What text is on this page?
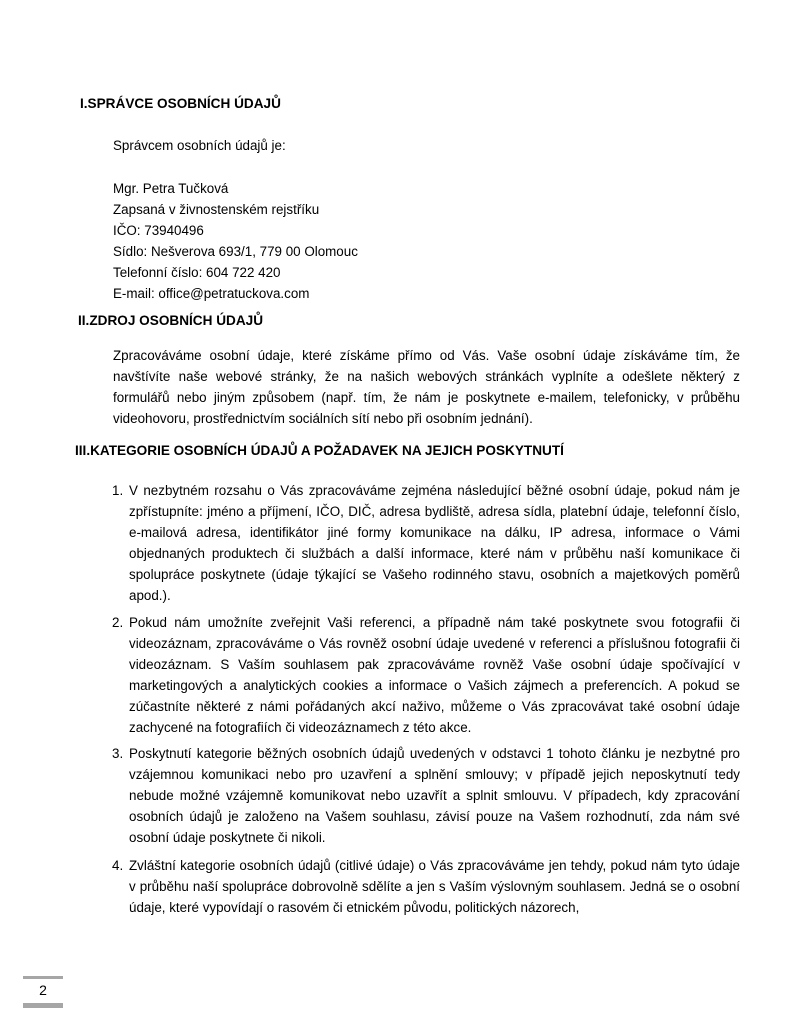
I.SPRÁVCE OSOBNÍCH ÚDAJŮ
Správcem osobních údajů je:
Mgr. Petra Tučková
Zapsaná v živnostenském rejstříku
IČO: 73940496
Sídlo: Nešverova 693/1, 779 00 Olomouc
Telefonní číslo: 604 722 420
E-mail: office@petratuckova.com
II.ZDROJ OSOBNÍCH ÚDAJŮ
Zpracováváme osobní údaje, které získáme přímo od Vás. Vaše osobní údaje získáváme tím, že navštívíte naše webové stránky, že na našich webových stránkách vyplníte a odešlete některý z formulářů nebo jiným způsobem (např. tím, že nám je poskytnete e-mailem, telefonicky, v průběhu videohovoru, prostřednictvím sociálních sítí nebo při osobním jednání).
III.KATEGORIE OSOBNÍCH ÚDAJŮ A POŽADAVEK NA JEJICH POSKYTNUTÍ
1. V nezbytném rozsahu o Vás zpracováváme zejména následující běžné osobní údaje, pokud nám je zpřístupníte: jméno a příjmení, IČO, DIČ, adresa bydliště, adresa sídla, platební údaje, telefonní číslo, e-mailová adresa, identifikátor jiné formy komunikace na dálku, IP adresa, informace o Vámi objednaných produktech či službách a další informace, které nám v průběhu naší komunikace či spolupráce poskytnete (údaje týkající se Vašeho rodinného stavu, osobních a majetkových poměrů apod.).
2. Pokud nám umožníte zveřejnit Vaši referenci, a případně nám také poskytnete svou fotografii či videozáznam, zpracováváme o Vás rovněž osobní údaje uvedené v referenci a příslušnou fotografii či videozáznam. S Vaším souhlasem pak zpracováváme rovněž Vaše osobní údaje spočívající v marketingových a analytických cookies a informace o Vašich zájmech a preferencích. A pokud se zúčastníte některé z námi pořádaných akcí naživo, můžeme o Vás zpracovávat také osobní údaje zachycené na fotografiích či videozáznamech z této akce.
3. Poskytnutí kategorie běžných osobních údajů uvedených v odstavci 1 tohoto článku je nezbytné pro vzájemnou komunikaci nebo pro uzavření a splnění smlouvy; v případě jejich neposkytnutí tedy nebude možné vzájemně komunikovat nebo uzavřít a splnit smlouvu. V případech, kdy zpracování osobních údajů je založeno na Vašem souhlasu, závisí pouze na Vašem rozhodnutí, zda nám své osobní údaje poskytnete či nikoli.
4. Zvláštní kategorie osobních údajů (citlivé údaje) o Vás zpracováváme jen tehdy, pokud nám tyto údaje v průběhu naší spolupráce dobrovolně sdělíte a jen s Vaším výslovným souhlasem. Jedná se o osobní údaje, které vypovídají o rasovém či etnickém původu, politických názorech,
2
